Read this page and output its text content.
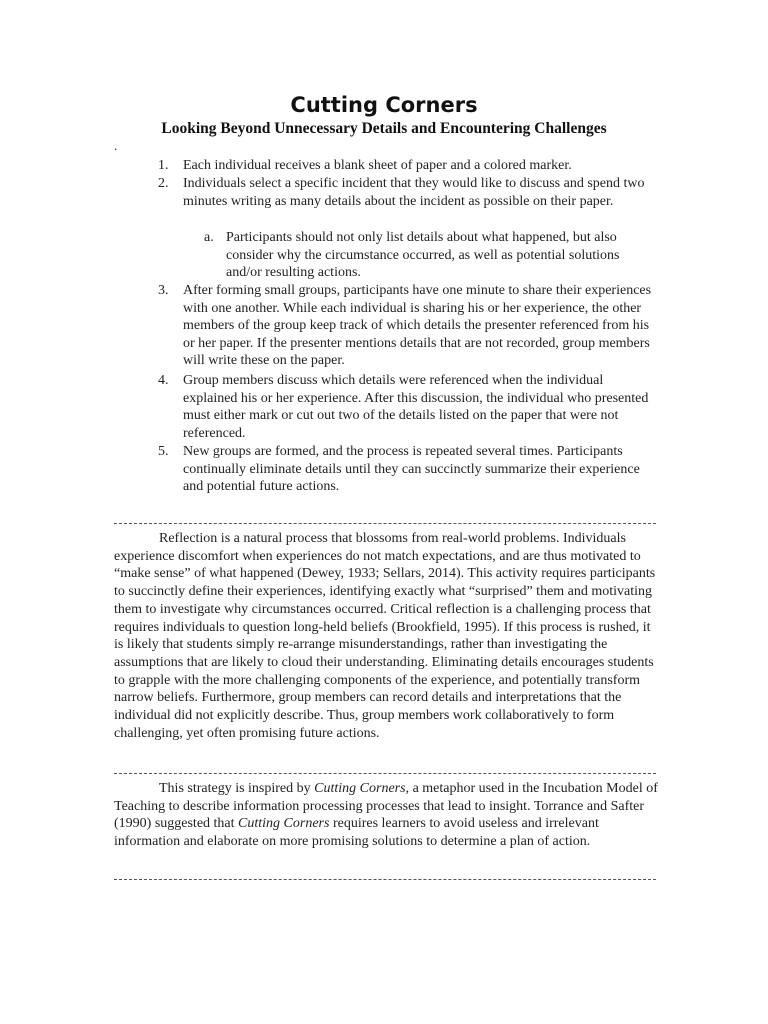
Cutting Corners
Looking Beyond Unnecessary Details and Encountering Challenges
.
1. Each individual receives a blank sheet of paper and a colored marker.
2. Individuals select a specific incident that they would like to discuss and spend two minutes writing as many details about the incident as possible on their paper.
a. Participants should not only list details about what happened, but also consider why the circumstance occurred, as well as potential solutions and/or resulting actions.
3. After forming small groups, participants have one minute to share their experiences with one another. While each individual is sharing his or her experience, the other members of the group keep track of which details the presenter referenced from his or her paper. If the presenter mentions details that are not recorded, group members will write these on the paper.
4. Group members discuss which details were referenced when the individual explained his or her experience. After this discussion, the individual who presented must either mark or cut out two of the details listed on the paper that were not referenced.
5. New groups are formed, and the process is repeated several times. Participants continually eliminate details until they can succinctly summarize their experience and potential future actions.
Reflection is a natural process that blossoms from real-world problems. Individuals experience discomfort when experiences do not match expectations, and are thus motivated to “make sense” of what happened (Dewey, 1933; Sellars, 2014). This activity requires participants to succinctly define their experiences, identifying exactly what “surprised” them and motivating them to investigate why circumstances occurred. Critical reflection is a challenging process that requires individuals to question long-held beliefs (Brookfield, 1995). If this process is rushed, it is likely that students simply re-arrange misunderstandings, rather than investigating the assumptions that are likely to cloud their understanding. Eliminating details encourages students to grapple with the more challenging components of the experience, and potentially transform narrow beliefs. Furthermore, group members can record details and interpretations that the individual did not explicitly describe. Thus, group members work collaboratively to form challenging, yet often promising future actions.
This strategy is inspired by Cutting Corners, a metaphor used in the Incubation Model of Teaching to describe information processing processes that lead to insight. Torrance and Safter (1990) suggested that Cutting Corners requires learners to avoid useless and irrelevant information and elaborate on more promising solutions to determine a plan of action.
